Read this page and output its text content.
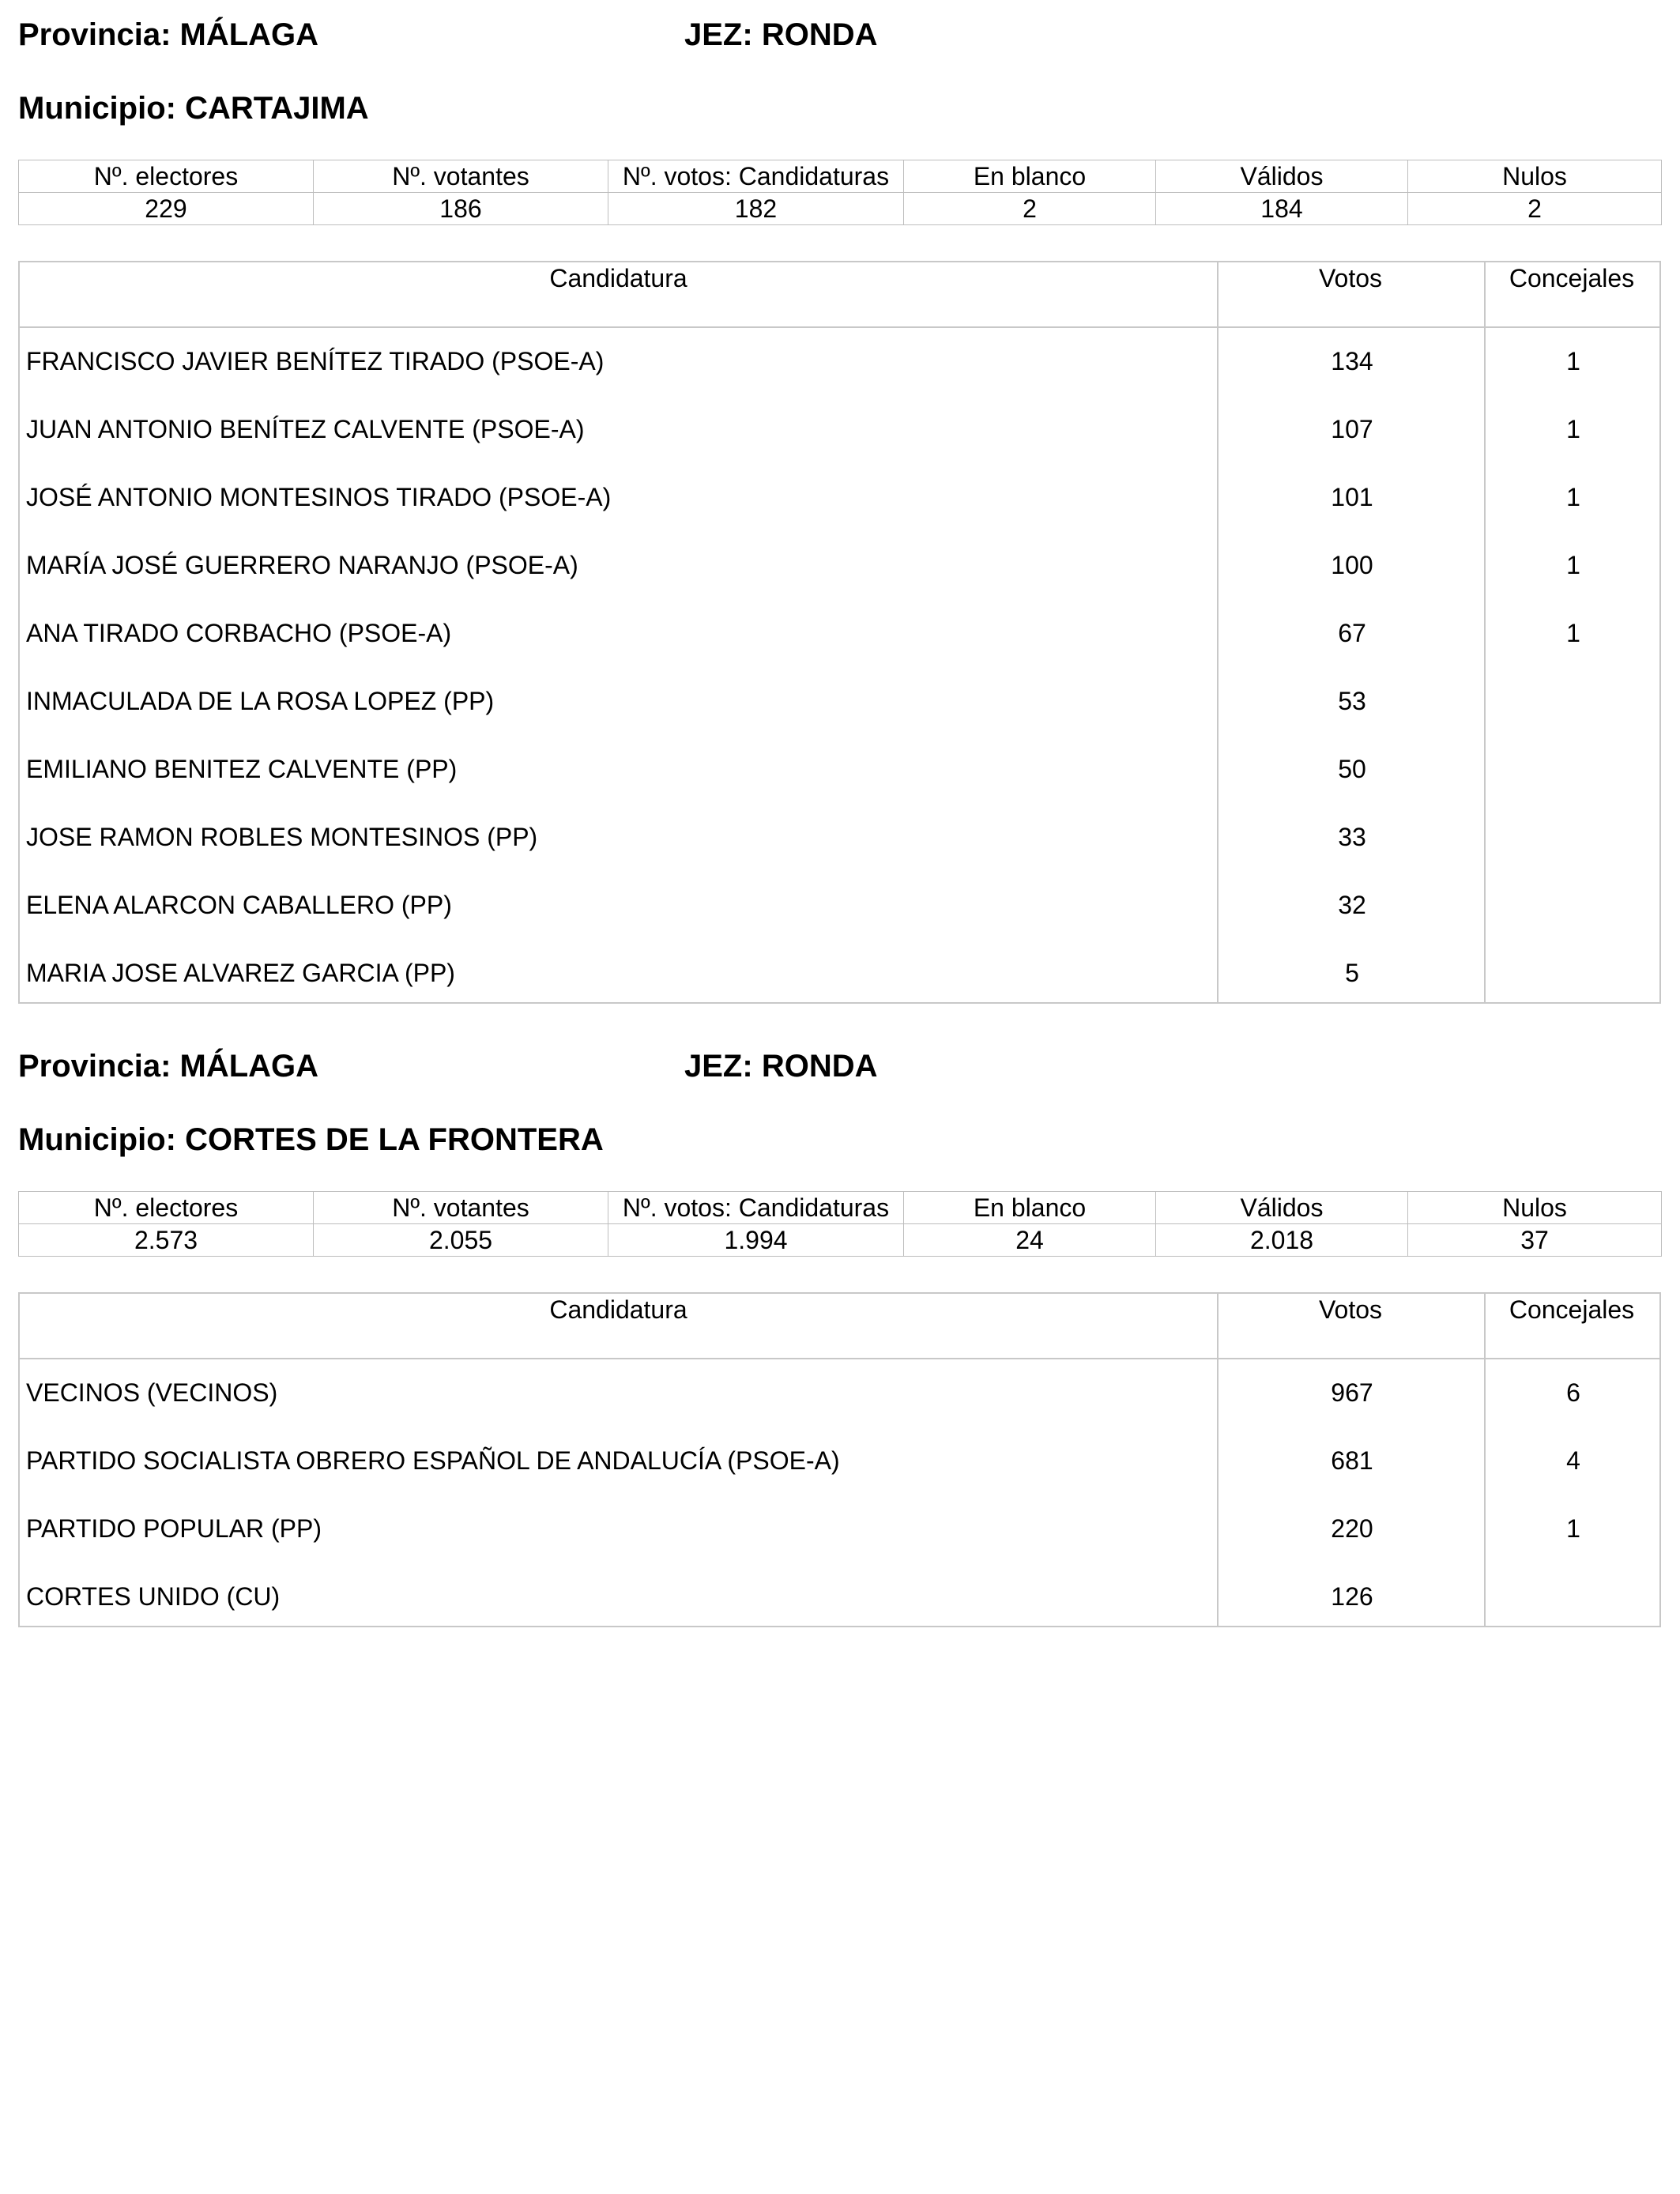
Provincia: MÁLAGA	JEZ: RONDA
Municipio: CARTAJIMA
Nº. electores	Nº. votantes	Nº. votos: Candidaturas	En blanco	Válidos	Nulos
229	186	182	2	184	2
Candidatura	Votos	Concejales
FRANCISCO JAVIER BENÍTEZ TIRADO (PSOE-A)	134	1
JUAN ANTONIO BENÍTEZ CALVENTE (PSOE-A)	107	1
JOSÉ ANTONIO MONTESINOS TIRADO (PSOE-A)	101	1
MARÍA JOSÉ GUERRERO NARANJO (PSOE-A)	100	1
ANA TIRADO CORBACHO (PSOE-A)	67	1
INMACULADA DE LA ROSA LOPEZ (PP)	53
EMILIANO BENITEZ CALVENTE (PP)	50
JOSE RAMON ROBLES MONTESINOS (PP)	33
ELENA ALARCON CABALLERO (PP)	32
MARIA JOSE ALVAREZ GARCIA (PP)	5
Provincia: MÁLAGA	JEZ: RONDA
Municipio: CORTES DE LA FRONTERA
Nº. electores	Nº. votantes	Nº. votos: Candidaturas	En blanco	Válidos	Nulos
2.573	2.055	1.994	24	2.018	37
Candidatura	Votos	Concejales
VECINOS (VECINOS)	967	6
PARTIDO SOCIALISTA OBRERO ESPAÑOL DE ANDALUCÍA (PSOE-A)	681	4
PARTIDO POPULAR (PP)	220	1
CORTES UNIDO (CU)	126
